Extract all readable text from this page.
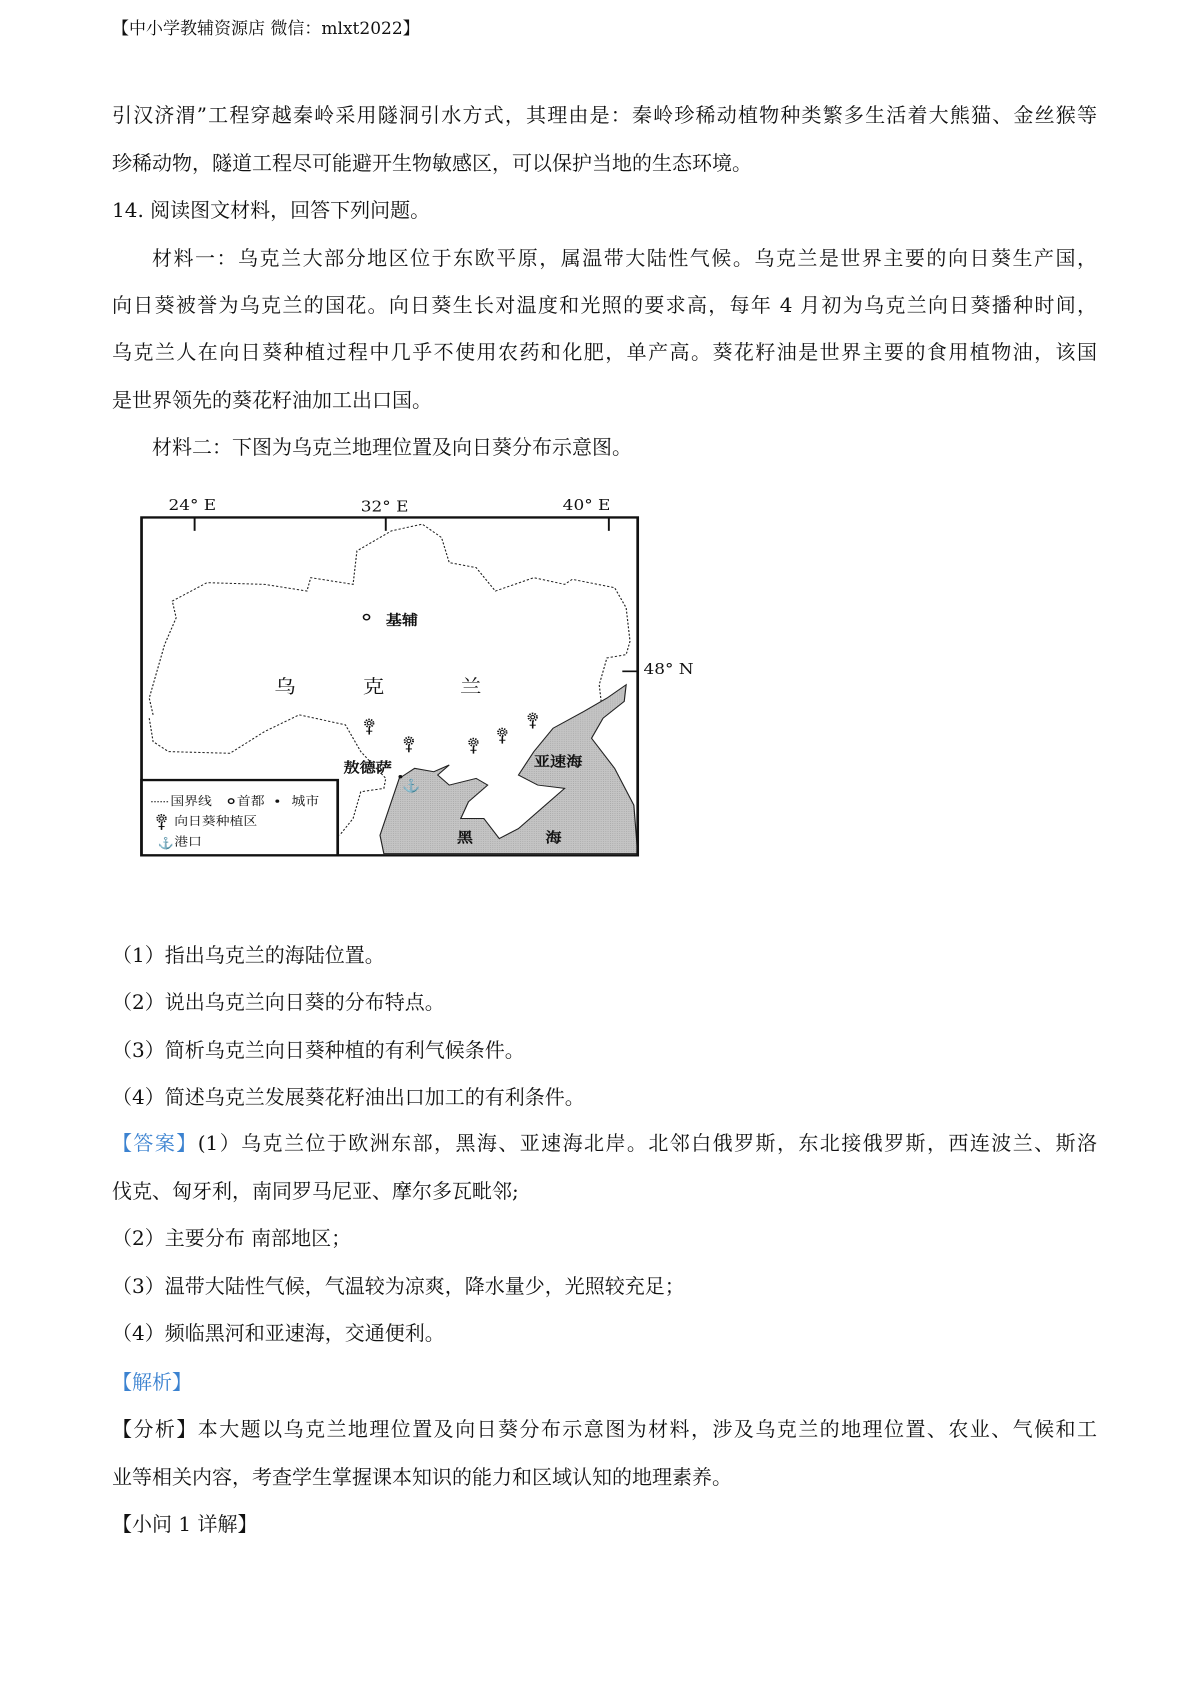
【中小学教辅资源店 微信：mlxt2022】
引汉济渭”工程穿越秦岭采用隧洞引水方式，其理由是：秦岭珍稀动植物种类繁多生活着大熊猫、金丝猴等
珍稀动物，隧道工程尽可能避开生物敏感区，可以保护当地的生态环境。
14. 阅读图文材料，回答下列问题。
材料一：乌克兰大部分地区位于东欧平原，属温带大陆性气候。乌克兰是世界主要的向日葵生产国，
向日葵被誉为乌克兰的国花。向日葵生长对温度和光照的要求高，每年 4 月初为乌克兰向日葵播种时间，
乌克兰人在向日葵种植过程中几乎不使用农药和化肥，单产高。葵花籽油是世界主要的食用植物油，该国
是世界领先的葵花籽油加工出口国。
材料二：下图为乌克兰地理位置及向日葵分布示意图。
24° E	32° E	40° E
48° N
基辅
乌 克 兰
敖德萨
⚓
亚速海
黑 海
国界线 首都 城市
向日葵种植区
⚓ 港口
（1）指出乌克兰的海陆位置。
（2）说出乌克兰向日葵的分布特点。
（3）简析乌克兰向日葵种植的有利气候条件。
（4）简述乌克兰发展葵花籽油出口加工的有利条件。
【答案】(1）乌克兰位于欧洲东部，黑海、亚速海北岸。北邻白俄罗斯，东北接俄罗斯，西连波兰、斯洛
伐克、匈牙利，南同罗马尼亚、摩尔多瓦毗邻;
（2）主要分布 南部地区；
（3）温带大陆性气候，气温较为凉爽，降水量少，光照较充足；
（4）频临黑河和亚速海，交通便利。
【解析】
【分析】本大题以乌克兰地理位置及向日葵分布示意图为材料，涉及乌克兰的地理位置、农业、气候和工
业等相关内容，考查学生掌握课本知识的能力和区域认知的地理素养。
【小问 1 详解】
